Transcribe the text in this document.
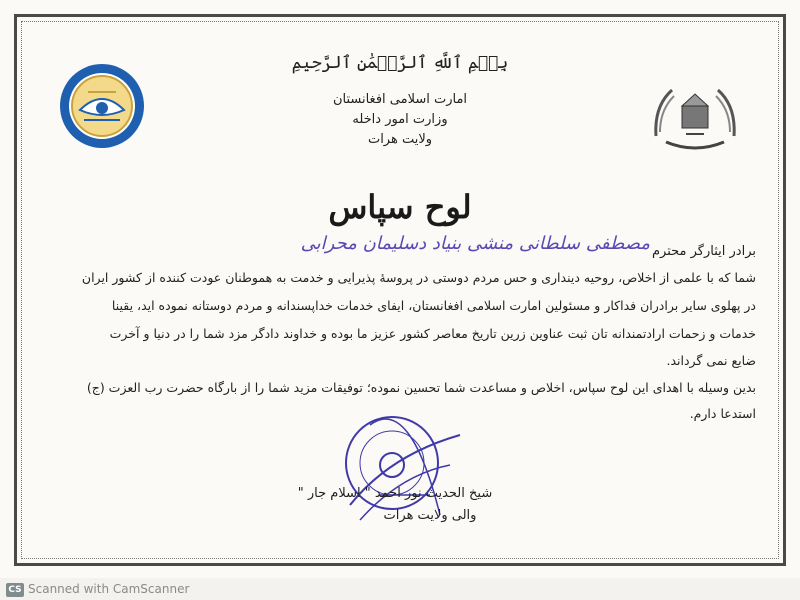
بِسۡمِ ٱللَّهِ ٱلرَّحۡمَٰنِ ٱلرَّحِيمِ
امارت اسلامی افغانستان
وزارت امور داخله
ولایت هرات
لوح سپاس
برادر ایثارگر محترم
مصطفی سلطانی منشی بنیاد دسلیمان محرابی
شما که با علمی از اخلاص، روحیه دینداری و حس مردم دوستی در پروسهٔ پذیرایی و خدمت به هموطنان عودت کننده از کشور ایران
در پهلوی سایر برادران فداکار و مسئولین امارت اسلامی افغانستان، ایفای خدمات خداپسندانه و مردم دوستانه نموده اید، یقینا
خدمات و زحمات ارادتمندانه تان ثبت عناوین زرین تاریخ معاصر کشور عزیز ما بوده و خداوند دادگر مزد شما را در دنیا و آخرت
ضایع نمی گرداند.
بدین وسیله با اهدای این لوح سپاس، اخلاص و مساعدت شما تحسین نموده؛ توفیقات مزید شما را از بارگاه حضرت رب العزت (ج)
استدعا دارم.
شیخ الحدیث نور احمد " اسلام جار "
والی ولایت هرات
CS Scanned with CamScanner
